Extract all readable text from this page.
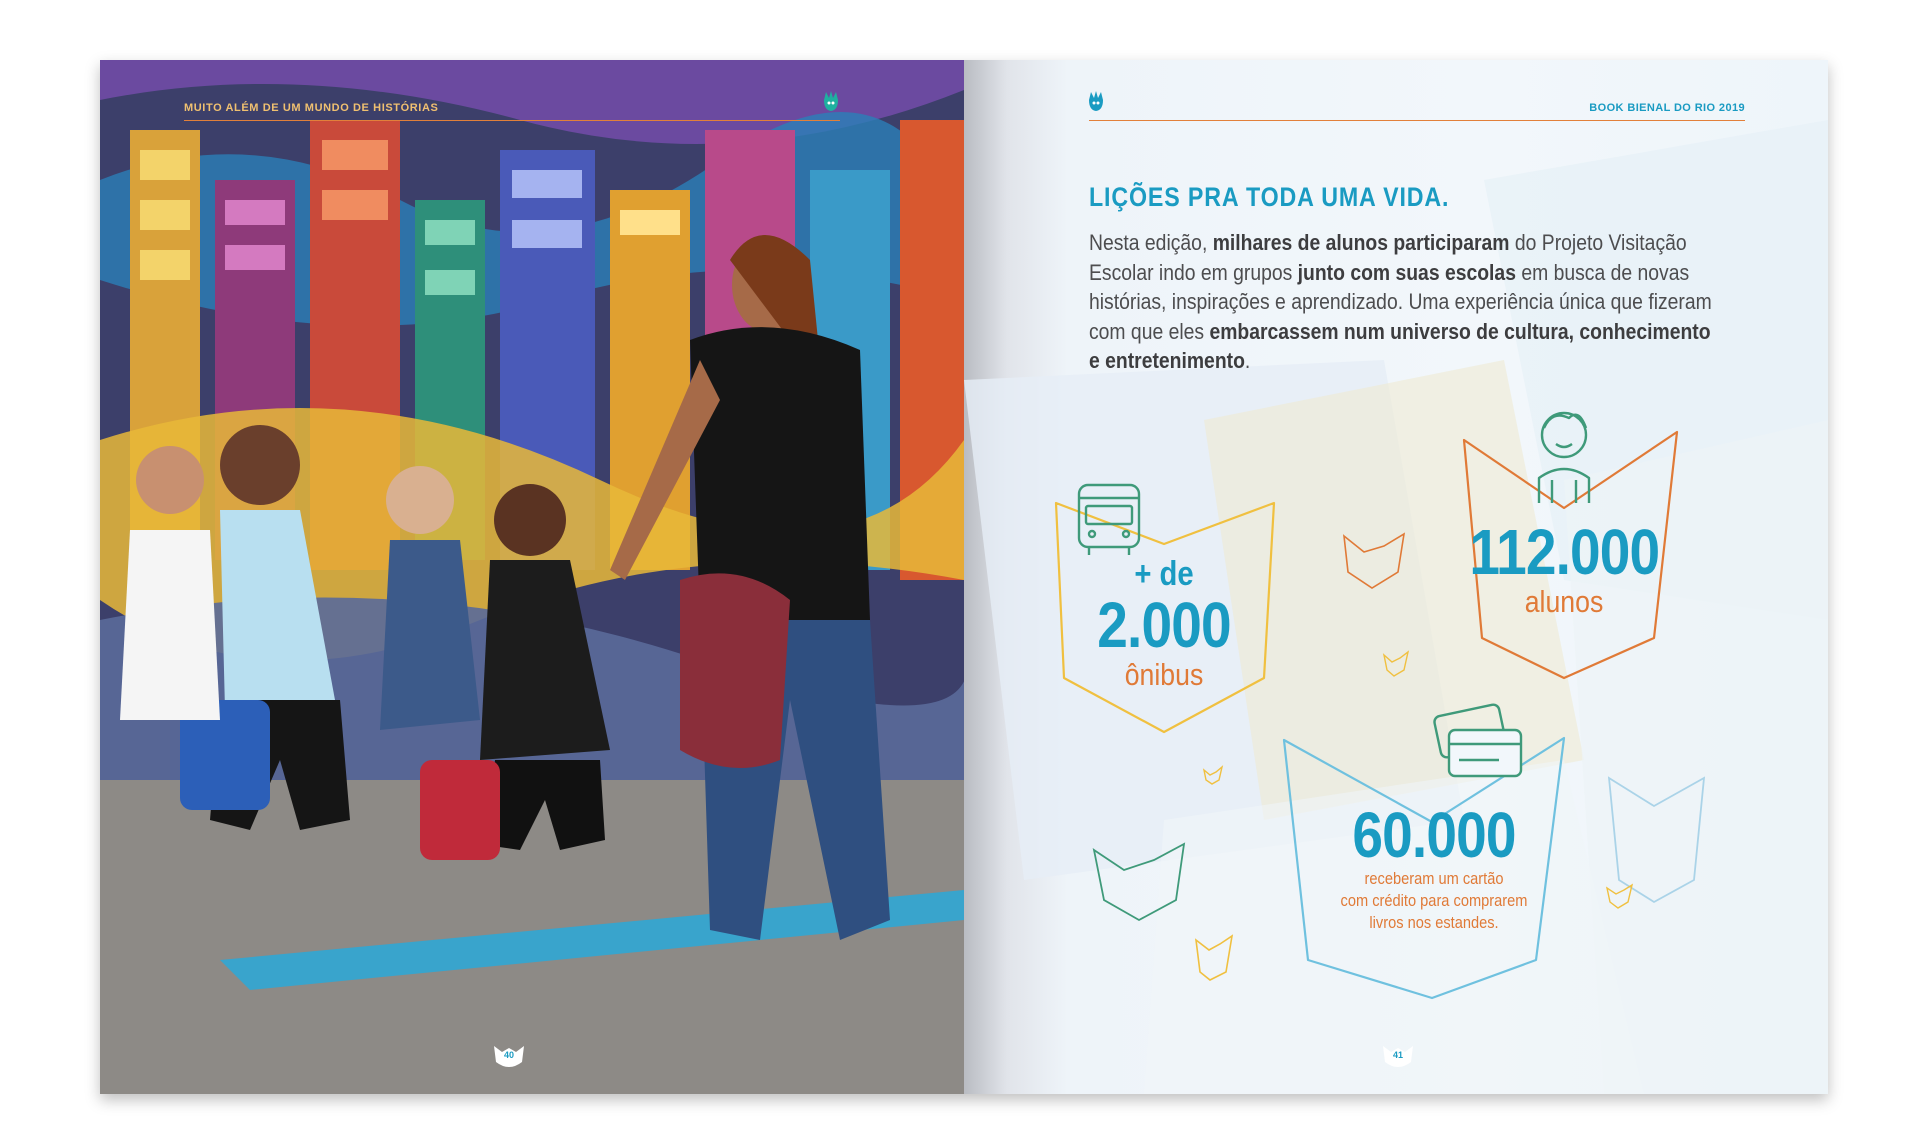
MUITO ALÉM DE UM MUNDO DE HISTÓRIAS
40
BOOK BIENAL DO RIO 2019
LIÇÕES PRA TODA UMA VIDA.
Nesta edição, milhares de alunos participaram do Projeto Visitação Escolar indo em grupos junto com suas escolas em busca de novas histórias, inspirações e aprendizado. Uma experiência única que fizeram com que eles embarcassem num universo de cultura, conhecimento e entretenimento.
+ de
2.000
ônibus
112.000
alunos
60.000
receberam um cartão
com crédito para comprarem
livros nos estandes.
41
